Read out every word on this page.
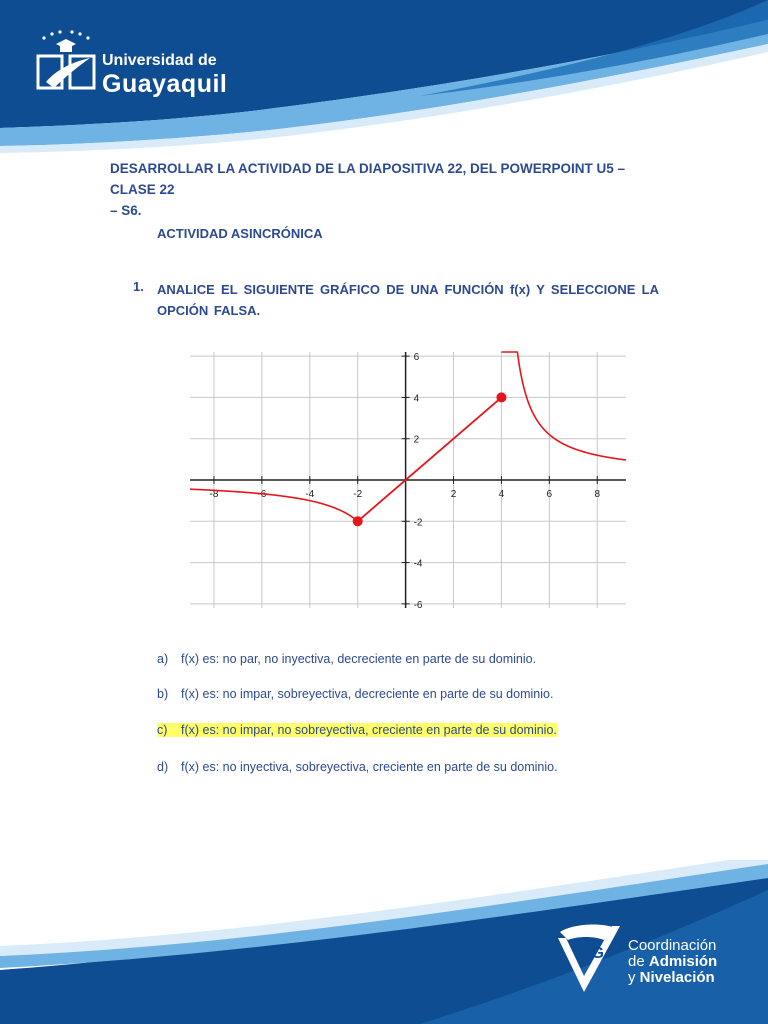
Universidad de
Guayaquil
DESARROLLAR LA ACTIVIDAD DE LA DIAPOSITIVA 22, DEL POWERPOINT U5 – CLASE 22
– S6.
ACTIVIDAD ASINCRÓNICA
1. ANALICE EL SIGUIENTE GRÁFICO DE UNA FUNCIÓN f(x) Y SELECCIONE LA OPCIÓN FALSA.
-8	-6	-4	-2	2	4	6	8
6
4
2
-2
-4
-6
a) f(x) es: no par, no inyectiva, decreciente en parte de su dominio.
b) f(x) es: no impar, sobreyectiva, decreciente en parte de su dominio.
c) f(x) es: no impar, no sobreyectiva, creciente en parte de su dominio.
d) f(x) es: no inyectiva, sobreyectiva, creciente en parte de su dominio.
UG Coordinación
de Admisión
y Nivelación
